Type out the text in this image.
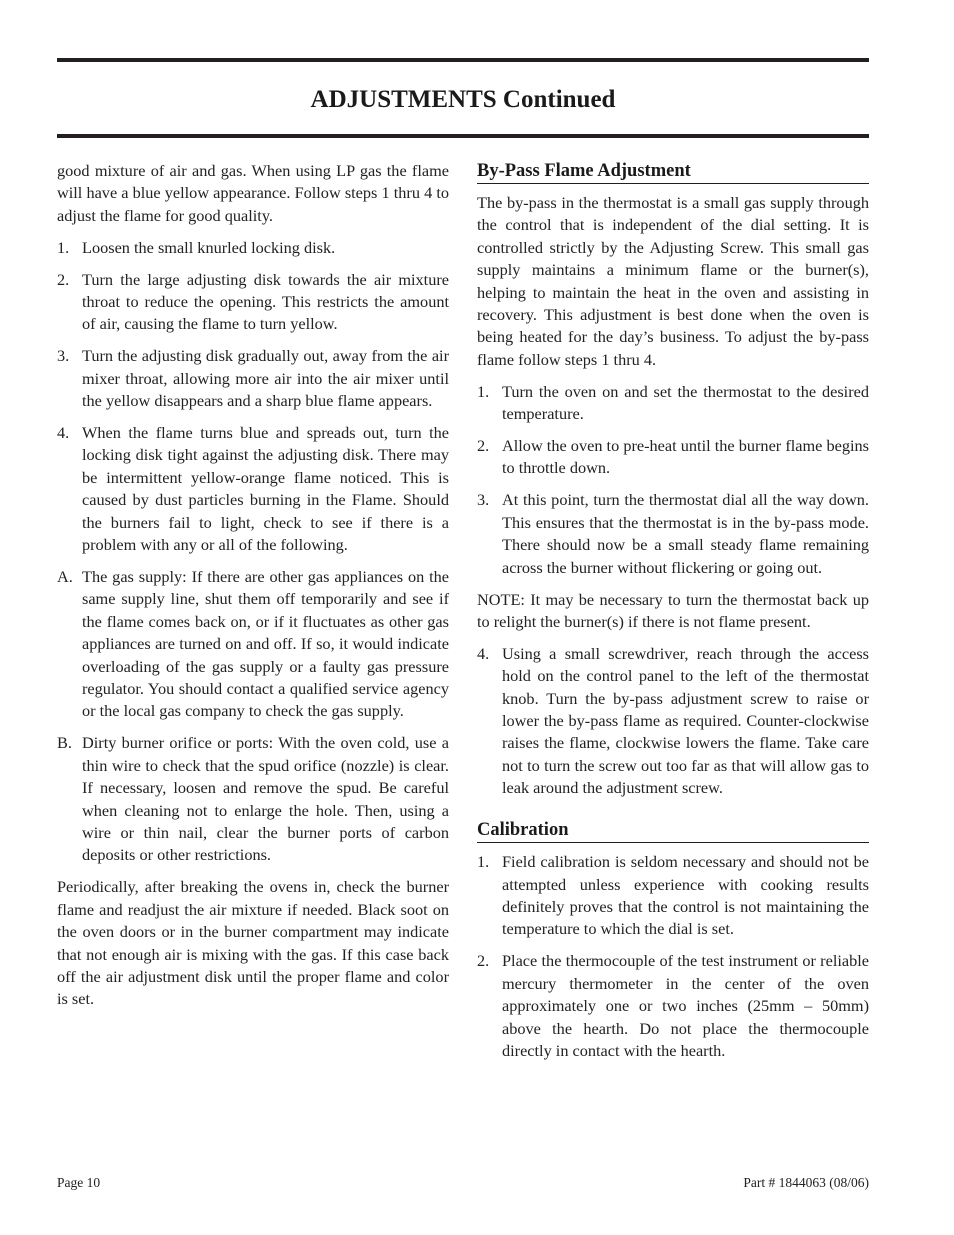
ADJUSTMENTS Continued

good mixture of air and gas. When using LP gas the flame will have a blue yellow appearance. Follow steps 1 thru 4 to adjust the flame for good quality.

1. Loosen the small knurled locking disk.
2. Turn the large adjusting disk towards the air mixture throat to reduce the opening. This restricts the amount of air, causing the flame to turn yellow.
3. Turn the adjusting disk gradually out, away from the air mixer throat, allowing more air into the air mixer until the yellow disappears and a sharp blue flame appears.
4. When the flame turns blue and spreads out, turn the locking disk tight against the adjusting disk. There may be intermittent yellow-orange flame noticed. This is caused by dust particles burning in the Flame. Should the burners fail to light, check to see if there is a problem with any or all of the following.
A. The gas supply: If there are other gas appliances on the same supply line, shut them off temporarily and see if the flame comes back on, or if it fluctuates as other gas appliances are turned on and off. If so, it would indicate overloading of the gas supply or a faulty gas pressure regulator. You should contact a qualified service agency or the local gas company to check the gas supply.
B. Dirty burner orifice or ports: With the oven cold, use a thin wire to check that the spud orifice (nozzle) is clear. If necessary, loosen and remove the spud. Be careful when cleaning not to enlarge the hole. Then, using a wire or thin nail, clear the burner ports of carbon deposits or other restrictions.

Periodically, after breaking the ovens in, check the burner flame and readjust the air mixture if needed. Black soot on the oven doors or in the burner compartment may indicate that not enough air is mixing with the gas. If this case back off the air adjustment disk until the proper flame and color is set.

By-Pass Flame Adjustment

The by-pass in the thermostat is a small gas supply through the control that is independent of the dial setting. It is controlled strictly by the Adjusting Screw. This small gas supply maintains a minimum flame or the burner(s), helping to maintain the heat in the oven and assisting in recovery. This adjustment is best done when the oven is being heated for the day’s business. To adjust the by-pass flame follow steps 1 thru 4.

1. Turn the oven on and set the thermostat to the desired temperature.
2. Allow the oven to pre-heat until the burner flame begins to throttle down.
3. At this point, turn the thermostat dial all the way down. This ensures that the thermostat is in the by-pass mode. There should now be a small steady flame remaining across the burner without flickering or going out.

NOTE: It may be necessary to turn the thermostat back up to relight the burner(s) if there is not flame present.

4. Using a small screwdriver, reach through the access hold on the control panel to the left of the thermostat knob. Turn the by-pass adjustment screw to raise or lower the by-pass flame as required. Counter-clockwise raises the flame, clockwise lowers the flame. Take care not to turn the screw out too far as that will allow gas to leak around the adjustment screw.
Calibration
1. Field calibration is seldom necessary and should not be attempted unless experience with cooking results definitely proves that the control is not maintaining the temperature to which the dial is set.
2. Place the thermocouple of the test instrument or reliable mercury thermometer in the center of the oven approximately one or two inches (25mm – 50mm) above the hearth. Do not place the thermocouple directly in contact with the hearth.
Page 10	Part # 1844063 (08/06)
